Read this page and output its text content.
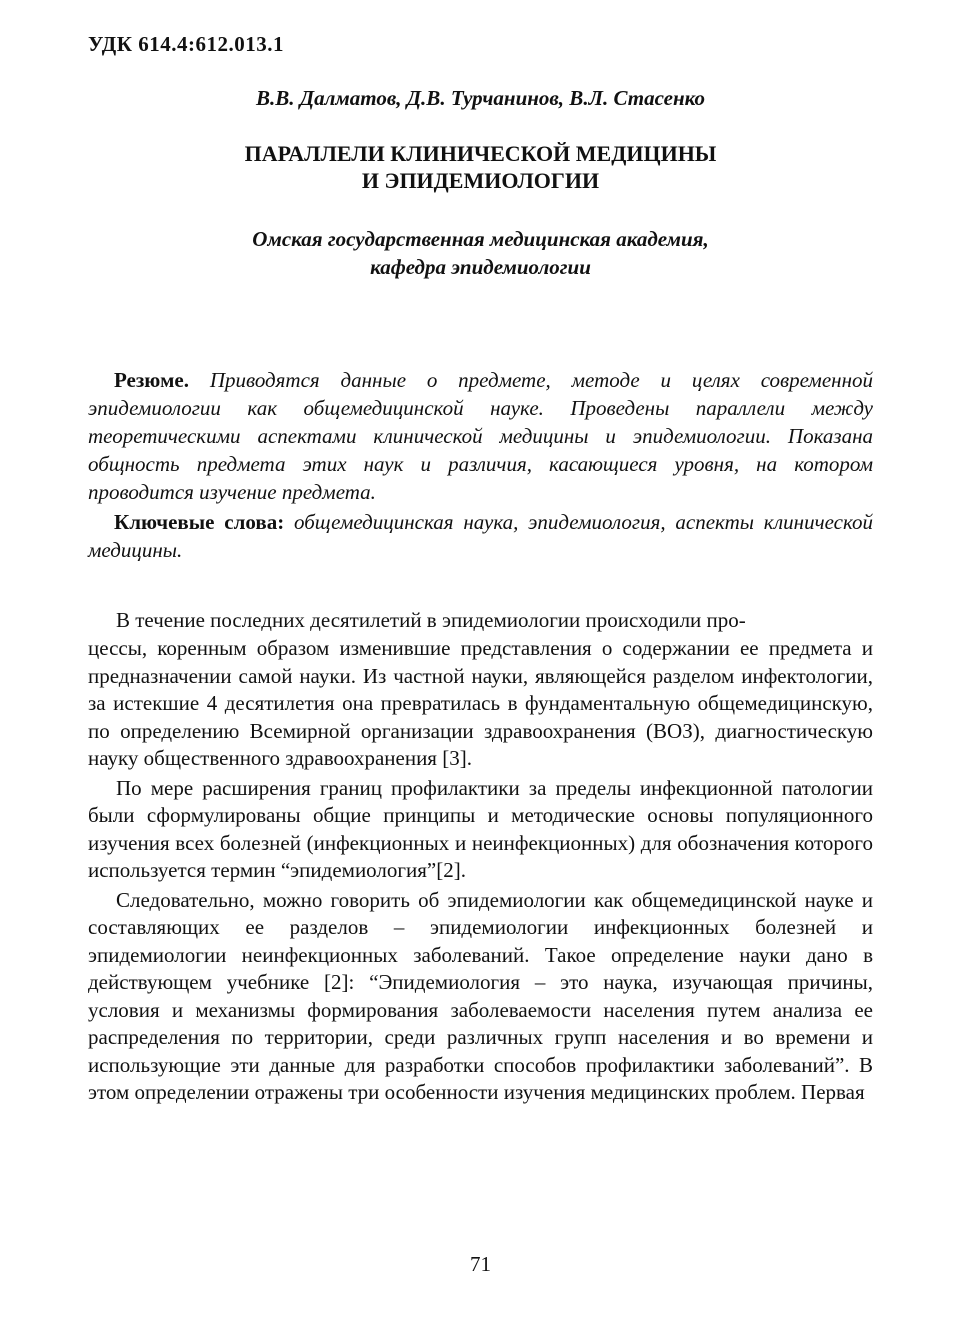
УДК 614.4:612.013.1
В.В. Далматов, Д.В. Турчанинов, В.Л. Стасенко
ПАРАЛЛЕЛИ КЛИНИЧЕСКОЙ МЕДИЦИНЫ
И ЭПИДЕМИОЛОГИИ
Омская государственная медицинская академия,
кафедра эпидемиологии

Резюме. Приводятся данные о предмете, методе и целях современной эпидемиологии как общемедицинской науке. Проведены параллели между теоретическими аспектами клинической медицины и эпидемиологии. Показана общность предмета этих наук и различия, касающиеся уровня, на котором проводится изучение предмета.

Ключевые слова: общемедицинская наука, эпидемиология, аспекты клинической медицины.

В течение последних десятилетий в эпидемиологии происходили про-

цессы, коренным образом изменившие представления о содержании ее предмета и предназначении самой науки. Из частной науки, являющейся разделом инфектологии, за истекшие 4 десятилетия она превратилась в фундаментальную общемедицинскую, по определению Всемирной организации здравоохранения (ВОЗ), диагностическую науку общественного здравоохранения [3].

По мере расширения границ профилактики за пределы инфекционной патологии были сформулированы общие принципы и методические основы популяционного изучения всех болезней (инфекционных и неинфекционных) для обозначения которого используется термин “эпидемиология”[2].

Следовательно, можно говорить об эпидемиологии как общемедицинской науке и составляющих ее разделов – эпидемиологии инфекционных болезней и эпидемиологии неинфекционных заболеваний. Такое определение науки дано в действующем учебнике [2]: “Эпидемиология – это наука, изучающая причины, условия и механизмы формирования заболеваемости населения путем анализа ее распределения по территории, среди различных групп населения и во времени и использующие эти данные для разработки способов профилактики заболеваний”. В этом определении отражены три особенности изучения медицинских проблем. Первая

71
